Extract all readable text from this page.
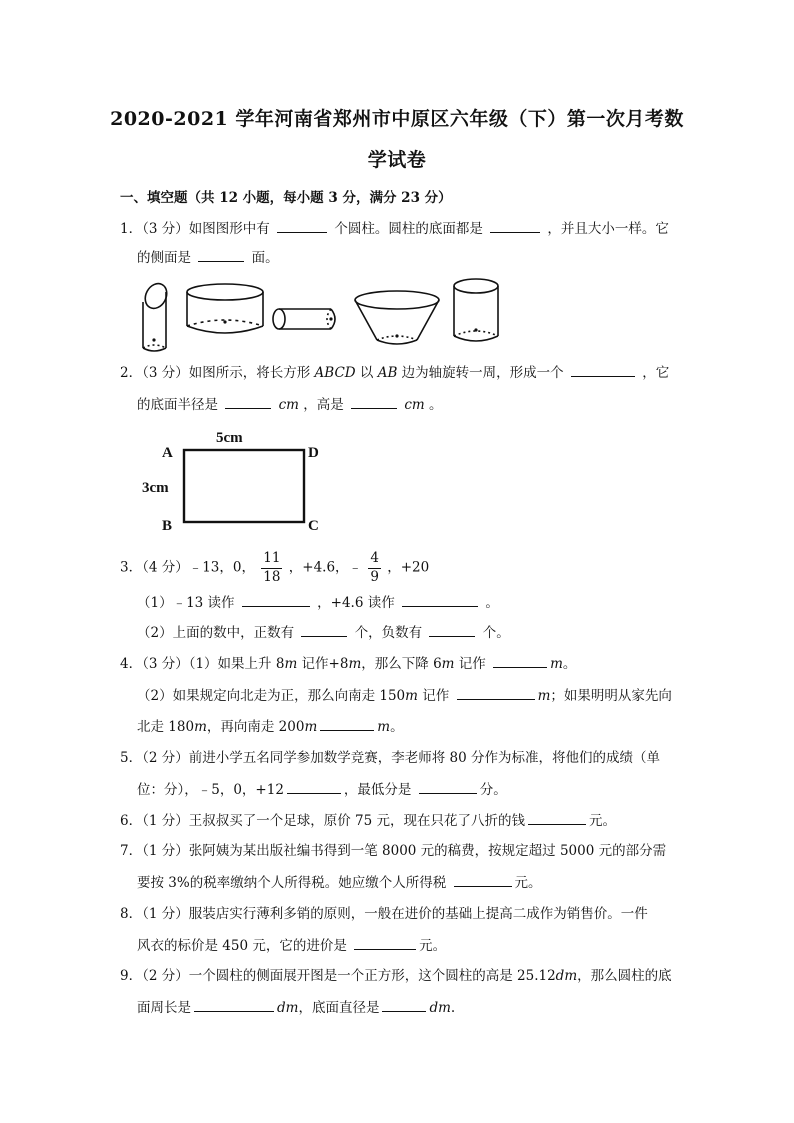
2020-2021 学年河南省郑州市中原区六年级（下）第一次月考数
学试卷
一、填空题（共 12 小题，每小题 3 分，满分 23 分）
1．（3 分）如图图形中有	个圆柱。圆柱的底面都是	，并且大小一样。它
的侧面是	面。
2．（3 分）如图所示，将长方形 ABCD 以 AB 边为轴旋转一周，形成一个	，它
的底面半径是	cm ，高是	cm 。
5cm
3cm
A
B	C
D
3．（4 分）﹣13，0， $\frac{11}{18}$ ，+4.6，﹣ $\frac{4}{9}$ ，+20
（1）﹣13 读作	，+4.6 读作	。
（2）上面的数中，正数有	个，负数有	个。
4．（3 分）（1）如果上升 8m 记作+8m，那么下降 6m 记作	m。
（2）如果规定向北走为正，那么向南走 150m 记作	m；如果明明从家先向
北走 180m，再向南走 200m	m。
5．（2 分）前进小学五名同学参加数学竞赛，李老师将 80 分作为标准，将他们的成绩（单
位：分），﹣5，0，+12	，最低分是	分。
6．（1 分）王叔叔买了一个足球，原价 75 元，现在只花了八折的钱	元。
7．（1 分）张阿姨为某出版社编书得到一笔 8000 元的稿费，按规定超过 5000 元的部分需
要按 3%的税率缴纳个人所得税。她应缴个人所得税	元。
8．（1 分）服装店实行薄利多销的原则，一般在进价的基础上提高二成作为销售价。一件
风衣的标价是 450 元，它的进价是	元。
9．（2 分）一个圆柱的侧面展开图是一个正方形，这个圆柱的高是 25.12dm，那么圆柱的底
面周长是	dm，底面直径是	dm.
